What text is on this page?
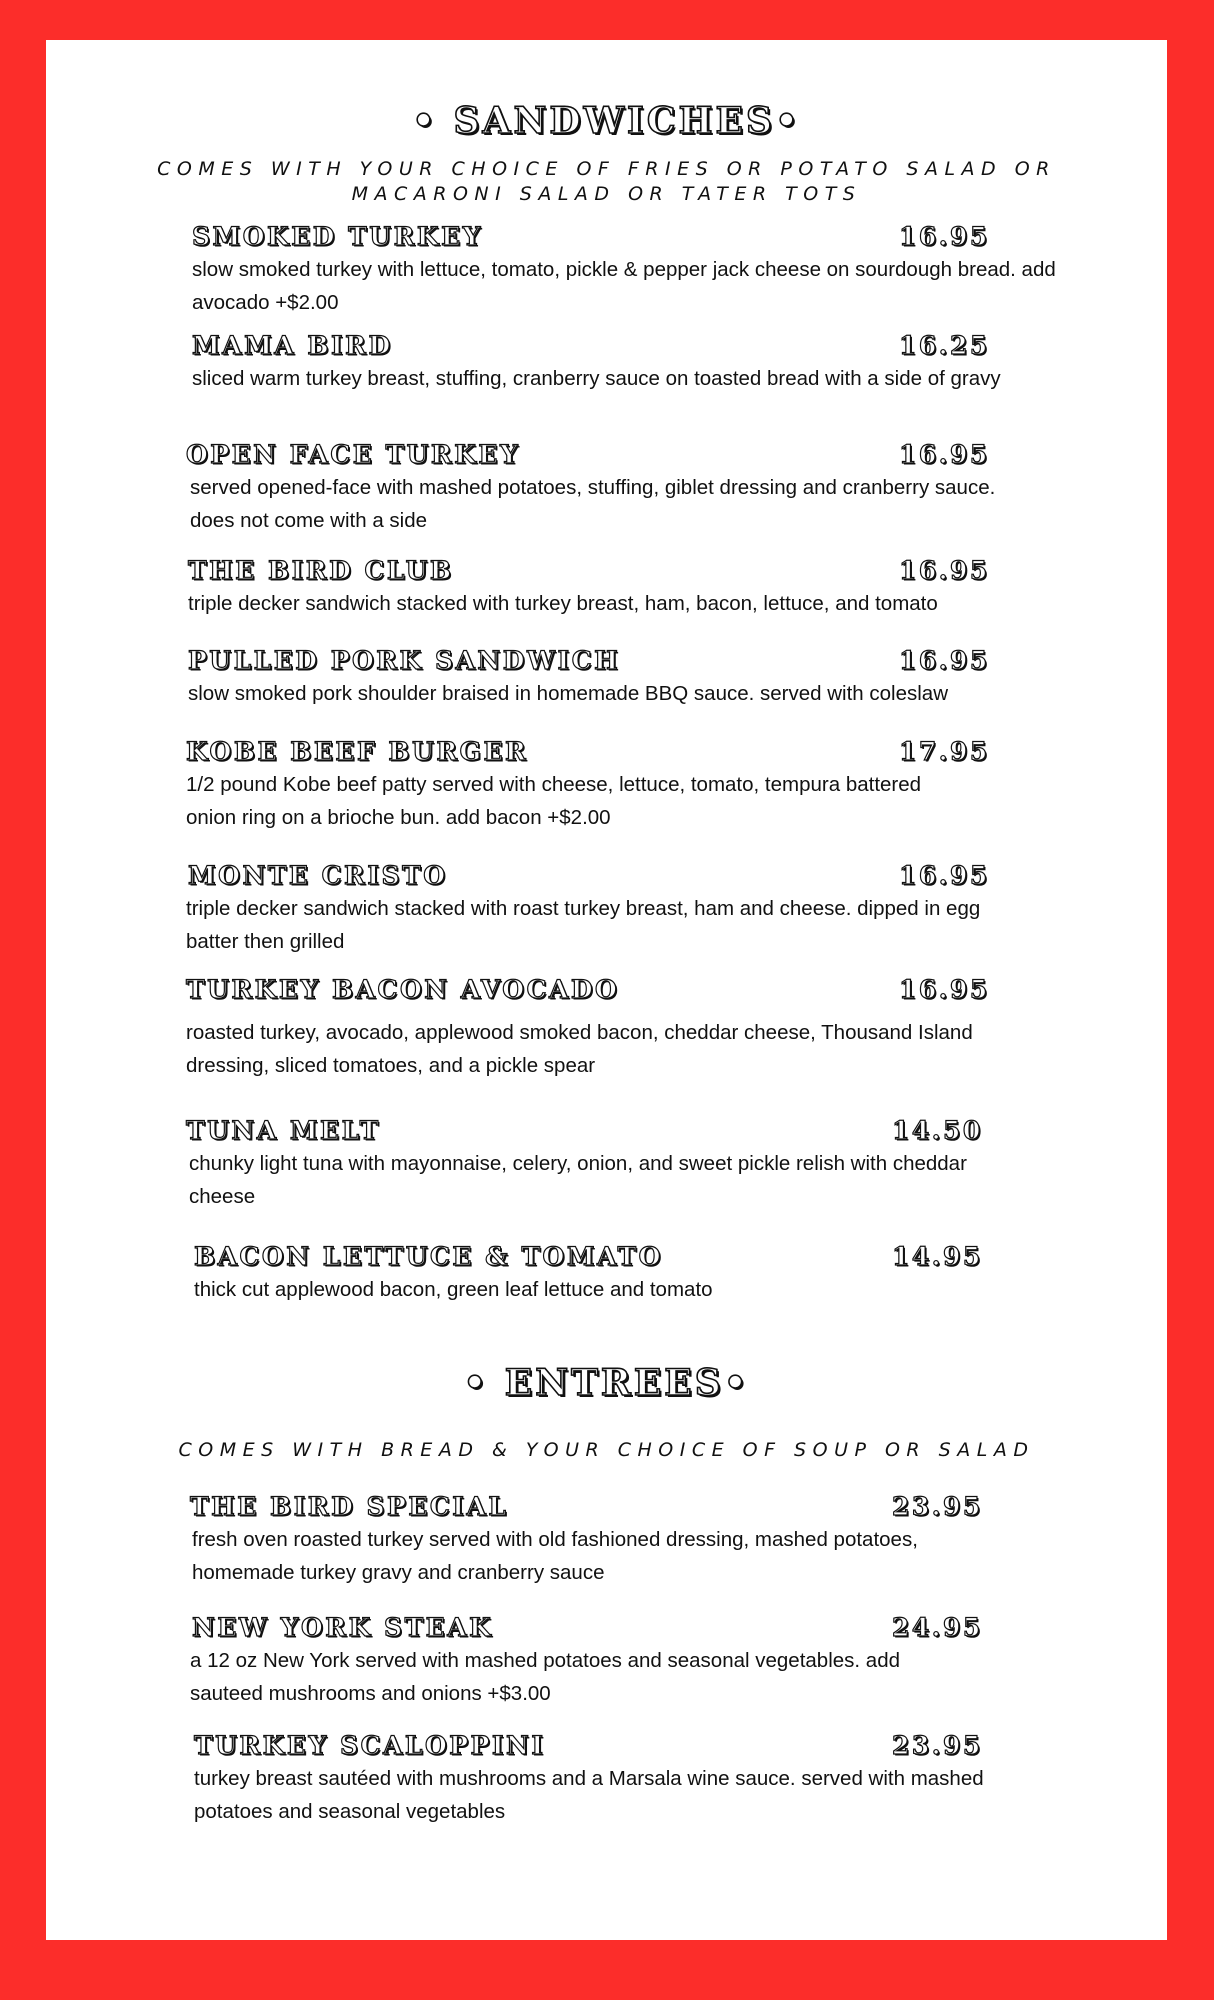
• SANDWICHES•
COMES WITH YOUR CHOICE OF FRIES OR POTATO SALAD OR
MACARONI SALAD OR TATER TOTS
SMOKED TURKEY	16.95
slow smoked turkey with lettuce, tomato, pickle & pepper jack cheese on sourdough bread. add avocado +$2.00
MAMA BIRD	16.25
sliced warm turkey breast, stuffing, cranberry sauce on toasted bread with a side of gravy
OPEN FACE TURKEY	16.95
served opened-face with mashed potatoes, stuffing, giblet dressing and cranberry sauce. does not come with a side
THE BIRD CLUB	16.95
triple decker sandwich stacked with turkey breast, ham, bacon, lettuce, and tomato
PULLED PORK SANDWICH	16.95
slow smoked pork shoulder braised in homemade BBQ sauce. served with coleslaw
KOBE BEEF BURGER	17.95
1/2 pound Kobe beef patty served with cheese, lettuce, tomato, tempura battered onion ring on a brioche bun. add bacon +$2.00
MONTE CRISTO	16.95
triple decker sandwich stacked with roast turkey breast, ham and cheese. dipped in egg batter then grilled
TURKEY BACON AVOCADO	16.95
roasted turkey, avocado, applewood smoked bacon, cheddar cheese, Thousand Island dressing, sliced tomatoes, and a pickle spear
TUNA MELT	14.50
chunky light tuna with mayonnaise, celery, onion, and sweet pickle relish with cheddar cheese
BACON LETTUCE & TOMATO	14.95
thick cut applewood bacon, green leaf lettuce and tomato
• ENTREES•
COMES WITH BREAD & YOUR CHOICE OF SOUP OR SALAD
THE BIRD SPECIAL	23.95
fresh oven roasted turkey served with old fashioned dressing, mashed potatoes, homemade turkey gravy and cranberry sauce
NEW YORK STEAK	24.95
a 12 oz New York served with mashed potatoes and seasonal vegetables. add sauteed mushrooms and onions +$3.00
TURKEY SCALOPPINI	23.95
turkey breast sautéed with mushrooms and a Marsala wine sauce. served with mashed potatoes and seasonal vegetables
